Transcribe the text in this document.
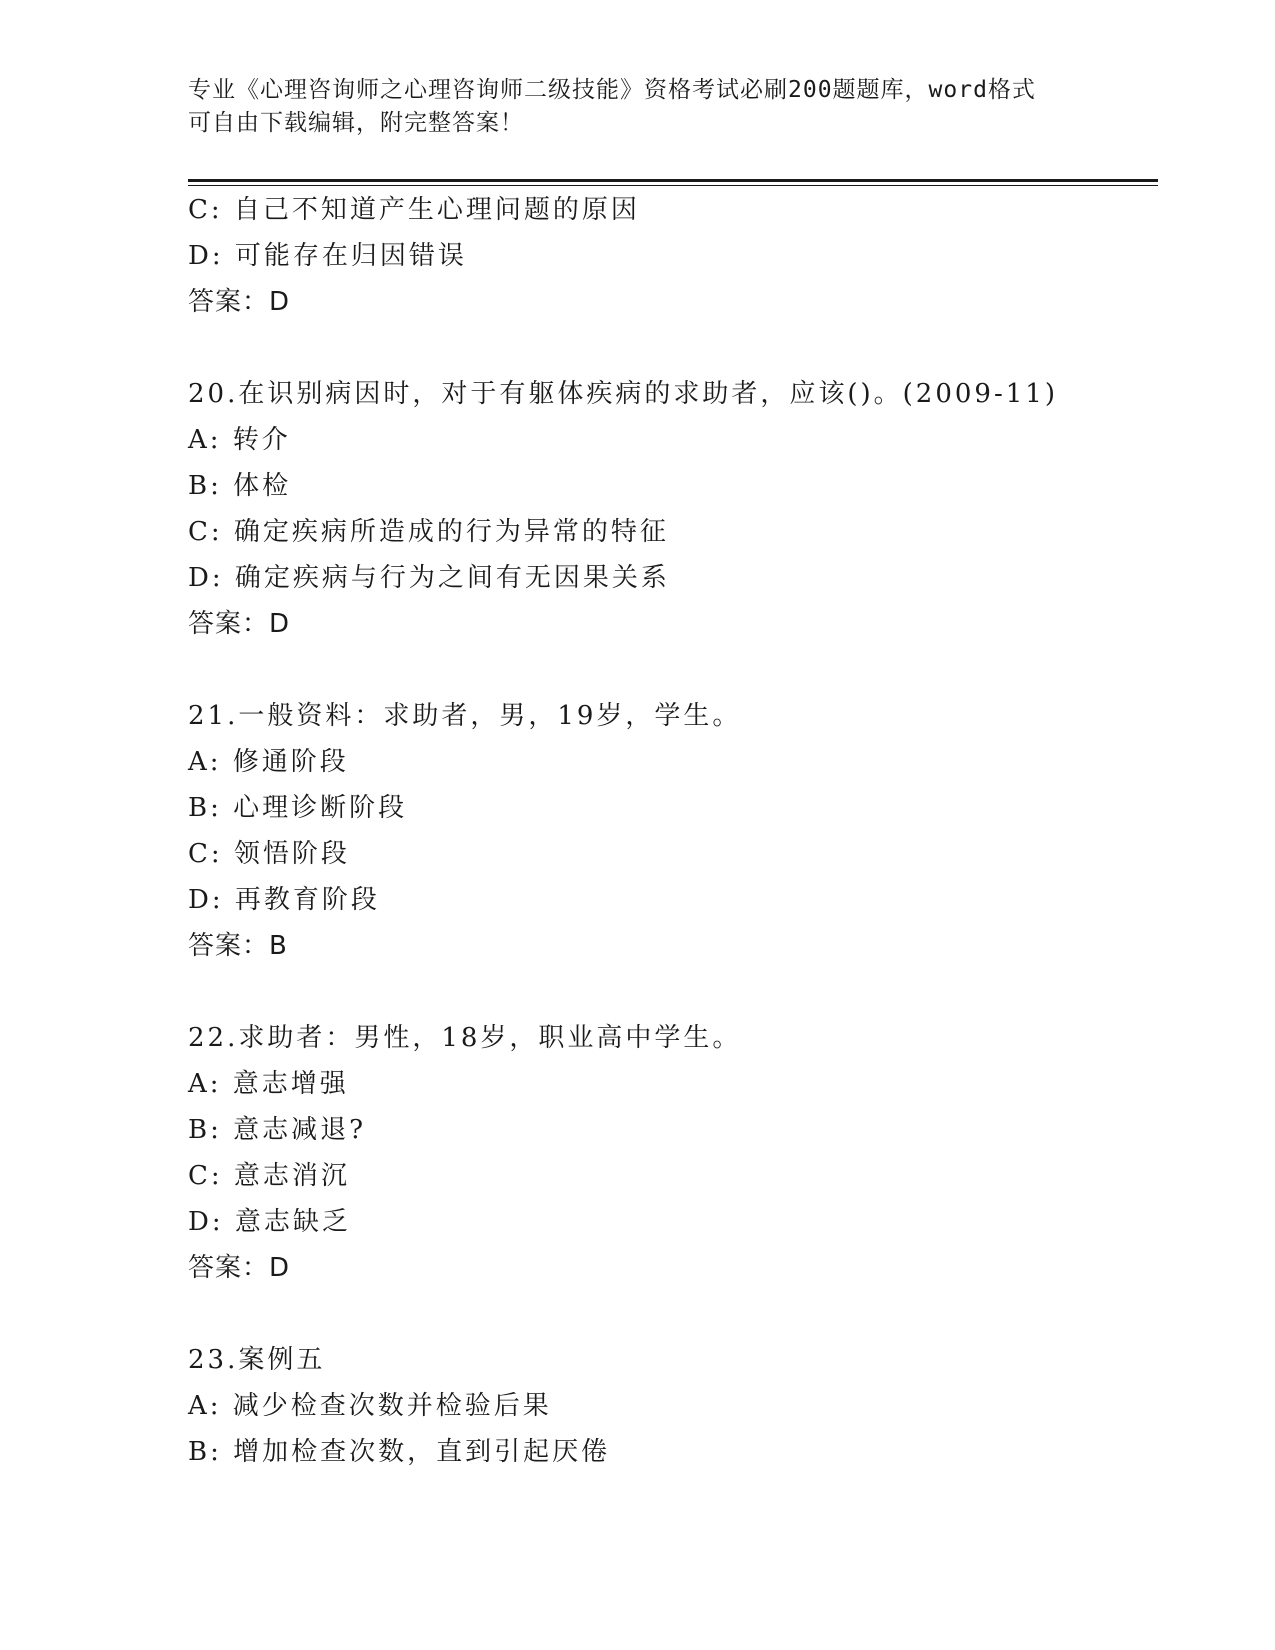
专业《心理咨询师之心理咨询师二级技能》资格考试必刷200题题库，word格式
可自由下载编辑，附完整答案！
C: 自己不知道产生心理问题的原因
D: 可能存在归因错误
答案：D
20.在识别病因时，对于有躯体疾病的求助者，应该()。(2009-11)
A: 转介
B: 体检
C: 确定疾病所造成的行为异常的特征
D: 确定疾病与行为之间有无因果关系
答案：D
21.一般资料：求助者，男，19岁，学生。
A: 修通阶段
B: 心理诊断阶段
C: 领悟阶段
D: 再教育阶段
答案：B
22.求助者：男性，18岁，职业高中学生。
A: 意志增强
B: 意志减退?
C: 意志消沉
D: 意志缺乏
答案：D
23.案例五
A: 减少检查次数并检验后果
B: 增加检查次数，直到引起厌倦
